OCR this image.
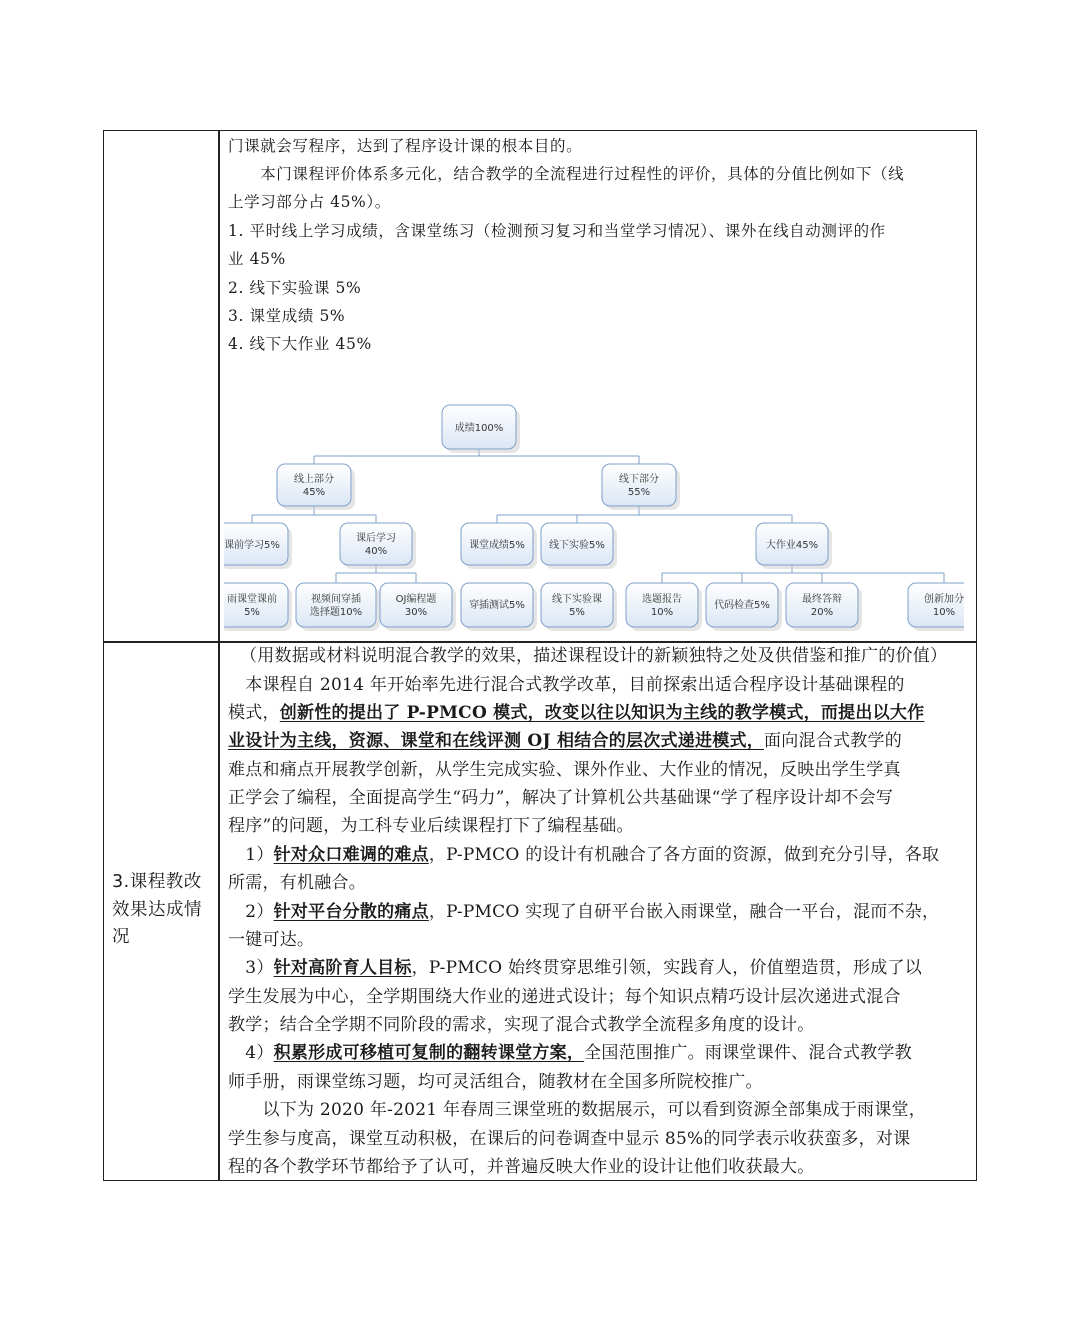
门课就会写程序，达到了程序设计课的根本目的。
　　本门课程评价体系多元化，结合教学的全流程进行过程性的评价，具体的分值比例如下（线
上学习部分占 45%）。
1. 平时线上学习成绩，含课堂练习（检测预习复习和当堂学习情况）、课外在线自动测评的作
业 45%
2. 线下实验课 5%
3. 课堂成绩 5%
4. 线下大作业 45%
成绩100%
线上部分
45%
线下部分
55%
课前学习5%
课后学习
40%
课堂成绩5% 线下实验5%	大作业45%
雨课堂课前
5%
视频间穿插
选择题10%
OJ编程题
30%
穿插测试5%
线下实验课
5%
选题报告
10%
代码检查5%
最终答辩
20%
创新加分
10%
3.课程教改效果达成情况
（用数据或材料说明混合教学的效果，描述课程设计的新颖独特之处及供借鉴和推广的价值）
　本课程自 2014 年开始率先进行混合式教学改革，目前探索出适合程序设计基础课程的
模式，创新性的提出了 P-PMCO 模式，改变以往以知识为主线的教学模式，而提出以大作
业设计为主线，资源、课堂和在线评测 OJ 相结合的层次式递进模式，面向混合式教学的
难点和痛点开展教学创新，从学生完成实验、课外作业、大作业的情况，反映出学生学真
正学会了编程，全面提高学生“码力”，解决了计算机公共基础课“学了程序设计却不会写
程序”的问题，为工科专业后续课程打下了编程基础。
　1）针对众口难调的难点，P-PMCO 的设计有机融合了各方面的资源，做到充分引导，各取
所需，有机融合。
　2）针对平台分散的痛点，P-PMCO 实现了自研平台嵌入雨课堂，融合一平台，混而不杂，
一键可达。
　3）针对高阶育人目标，P-PMCO 始终贯穿思维引领，实践育人，价值塑造贯，形成了以
学生发展为中心，全学期围绕大作业的递进式设计；每个知识点精巧设计层次递进式混合
教学；结合全学期不同阶段的需求，实现了混合式教学全流程多角度的设计。
　4）积累形成可移植可复制的翻转课堂方案，全国范围推广。雨课堂课件、混合式教学教
师手册，雨课堂练习题，均可灵活组合，随教材在全国多所院校推广。
　　以下为 2020 年-2021 年春周三课堂班的数据展示，可以看到资源全部集成于雨课堂，
学生参与度高，课堂互动积极，在课后的问卷调查中显示 85%的同学表示收获蛮多，对课
程的各个教学环节都给予了认可，并普遍反映大作业的设计让他们收获最大。
